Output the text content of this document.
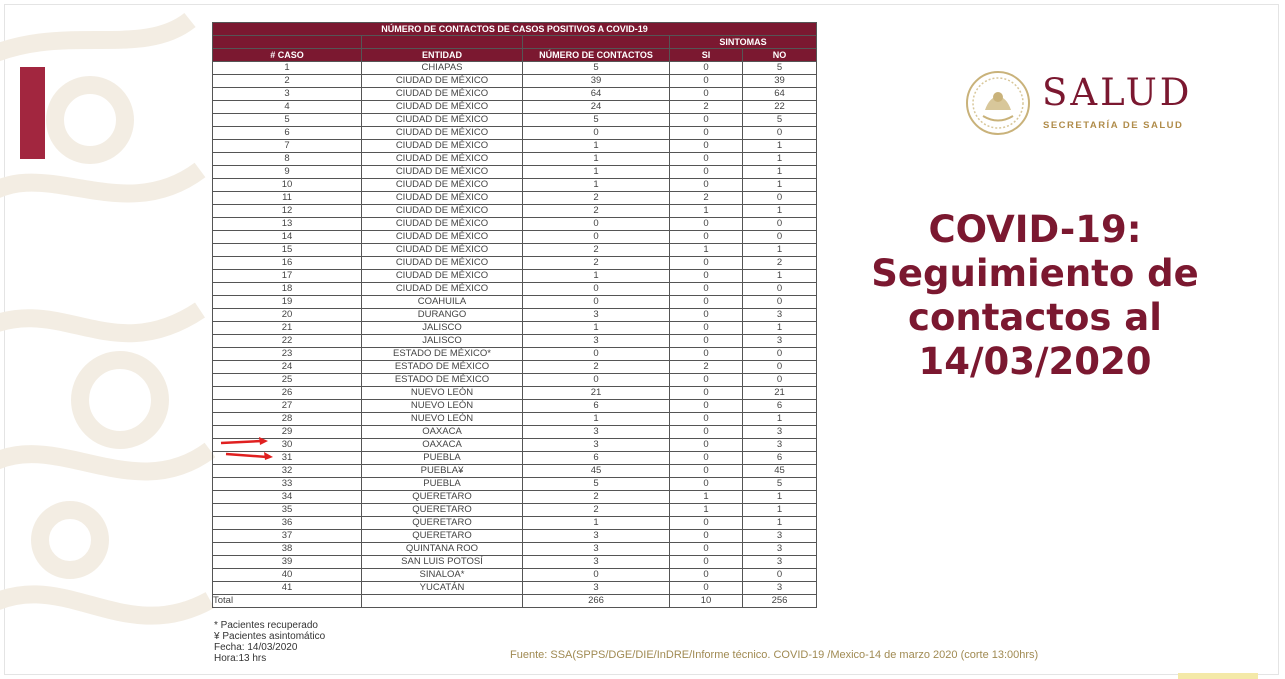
NÚMERO DE CONTACTOS DE CASOS POSITIVOS A COVID-19				
			SINTOMAS	
# CASO	ENTIDAD	NÚMERO DE CONTACTOS	SI	NO
1	CHIAPAS	5	0	5
2	CIUDAD DE MÉXICO	39	0	39
3	CIUDAD DE MÉXICO	64	0	64
4	CIUDAD DE MÉXICO	24	2	22
5	CIUDAD DE MÉXICO	5	0	5
6	CIUDAD DE MÉXICO	0	0	0
7	CIUDAD DE MÉXICO	1	0	1
8	CIUDAD DE MÉXICO	1	0	1
9	CIUDAD DE MÉXICO	1	0	1
10	CIUDAD DE MÉXICO	1	0	1
11	CIUDAD DE MÉXICO	2	2	0
12	CIUDAD DE MÉXICO	2	1	1
13	CIUDAD DE MÉXICO	0	0	0
14	CIUDAD DE MÉXICO	0	0	0
15	CIUDAD DE MÉXICO	2	1	1
16	CIUDAD DE MÉXICO	2	0	2
17	CIUDAD DE MÉXICO	1	0	1
18	CIUDAD DE MÉXICO	0	0	0
19	COAHUILA	0	0	0
20	DURANGO	3	0	3
21	JALISCO	1	0	1
22	JALISCO	3	0	3
23	ESTADO DE MÉXICO*	0	0	0
24	ESTADO DE MÉXICO	2	2	0
25	ESTADO DE MÉXICO	0	0	0
26	NUEVO LEÓN	21	0	21
27	NUEVO LEÓN	6	0	6
28	NUEVO LEÓN	1	0	1
29	OAXACA	3	0	3
30	OAXACA	3	0	3
31	PUEBLA	6	0	6
32	PUEBLA¥	45	0	45
33	PUEBLA	5	0	5
34	QUERETARO	2	1	1
35	QUERETARO	2	1	1
36	QUERETARO	1	0	1
37	QUERETARO	3	0	3
38	QUINTANA ROO	3	0	3
39	SAN LUIS POTOSÍ	3	0	3
40	SINALOA*	0	0	0
41	YUCATÁN	3	0	3
Total		266	10	256
* Pacientes recuperado
¥ Pacientes asintomático
Fecha: 14/03/2020
Hora:13 hrs	Fuente: SSA(SPPS/DGE/DIE/InDRE/Informe técnico. COVID-19 /Mexico-14 de marzo 2020 (corte 13:00hrs)
SALUD
SECRETARÍA DE SALUD
COVID-19:
Seguimiento de
contactos al
14/03/2020
